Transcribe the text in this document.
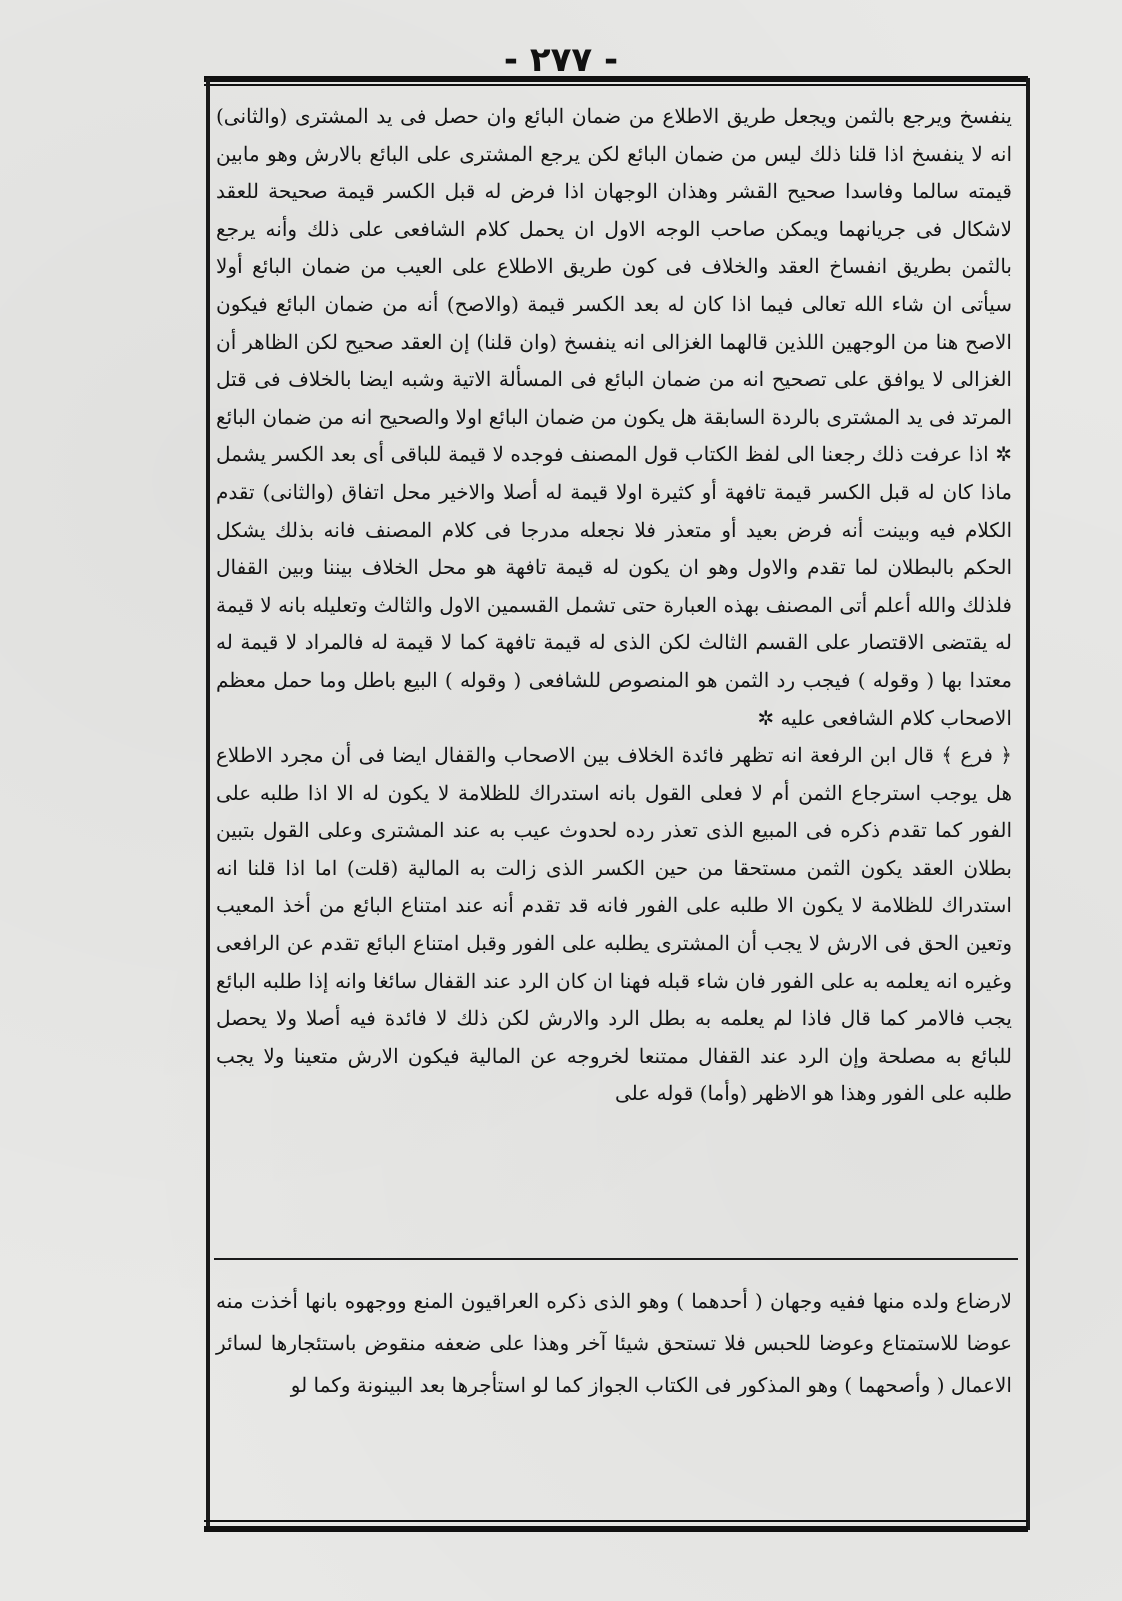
- ٢٧٧ -

ينفسخ ويرجع بالثمن ويجعل طريق الاطلاع من ضمان البائع وان حصل فى يد المشترى (والثانى) انه لا ينفسخ اذا قلنا ذلك ليس من ضمان البائع لكن يرجع المشترى على البائع بالارش وهو مابين قيمته سالما وفاسدا صحيح القشر وهذان الوجهان اذا فرض له قبل الكسر قيمة صحيحة للعقد لاشكال فى جريانهما ويمكن صاحب الوجه الاول ان يحمل كلام الشافعى على ذلك وأنه يرجع بالثمن بطريق انفساخ العقد والخلاف فى كون طريق الاطلاع على العيب من ضمان البائع أولا سيأتى ان شاء الله تعالى فيما اذا كان له بعد الكسر قيمة (والاصح) أنه من ضمان البائع فيكون الاصح هنا من الوجهين اللذين قالهما الغزالى انه ينفسخ (وان قلنا) إن العقد صحيح لكن الظاهر أن الغزالى لا يوافق على تصحيح انه من ضمان البائع فى المسألة الاتية وشبه ايضا بالخلاف فى قتل المرتد فى يد المشترى بالردة السابقة هل يكون من ضمان البائع اولا والصحيح انه من ضمان البائع ✲ اذا عرفت ذلك رجعنا الى لفظ الكتاب قول المصنف فوجده لا قيمة للباقى أى بعد الكسر يشمل ماذا كان له قبل الكسر قيمة تافهة أو كثيرة اولا قيمة له أصلا والاخير محل اتفاق (والثانى) تقدم الكلام فيه وبينت أنه فرض بعيد أو متعذر فلا نجعله مدرجا فى كلام المصنف فانه بذلك يشكل الحكم بالبطلان لما تقدم والاول وهو ان يكون له قيمة تافهة هو محل الخلاف بيننا وبين القفال فلذلك والله أعلم أتى المصنف بهذه العبارة حتى تشمل القسمين الاول والثالث وتعليله بانه لا قيمة له يقتضى الاقتصار على القسم الثالث لكن الذى له قيمة تافهة كما لا قيمة له فالمراد لا قيمة له معتدا بها ( وقوله ) فيجب رد الثمن هو المنصوص للشافعى ( وقوله ) البيع باطل وما حمل معظم الاصحاب كلام الشافعى عليه ✲

﴿ فرع ﴾ قال ابن الرفعة انه تظهر فائدة الخلاف بين الاصحاب والقفال ايضا فى أن مجرد الاطلاع هل يوجب استرجاع الثمن أم لا فعلى القول بانه استدراك للظلامة لا يكون له الا اذا طلبه على الفور كما تقدم ذكره فى المبيع الذى تعذر رده لحدوث عيب به عند المشترى وعلى القول بتبين بطلان العقد يكون الثمن مستحقا من حين الكسر الذى زالت به المالية (قلت) اما اذا قلنا انه استدراك للظلامة لا يكون الا طلبه على الفور فانه قد تقدم أنه عند امتناع البائع من أخذ المعيب وتعين الحق فى الارش لا يجب أن المشترى يطلبه على الفور وقبل امتناع البائع تقدم عن الرافعى وغيره انه يعلمه به على الفور فان شاء قبله فهنا ان كان الرد عند القفال سائغا وانه إذا طلبه البائع يجب فالامر كما قال فاذا لم يعلمه به بطل الرد والارش لكن ذلك لا فائدة فيه أصلا ولا يحصل للبائع به مصلحة وإن الرد عند القفال ممتنعا لخروجه عن المالية فيكون الارش متعينا ولا يجب طلبه على الفور وهذا هو الاظهر (وأما) قوله على

لارضاع ولده منها ففيه وجهان ( أحدهما ) وهو الذى ذكره العراقيون المنع ووجهوه بانها أخذت منه عوضا للاستمتاع وعوضا للحبس فلا تستحق شيئا آخر وهذا على ضعفه منقوض باستئجارها لسائر الاعمال ( وأصحهما ) وهو المذكور فى الكتاب الجواز كما لو استأجرها بعد البينونة وكما لو
